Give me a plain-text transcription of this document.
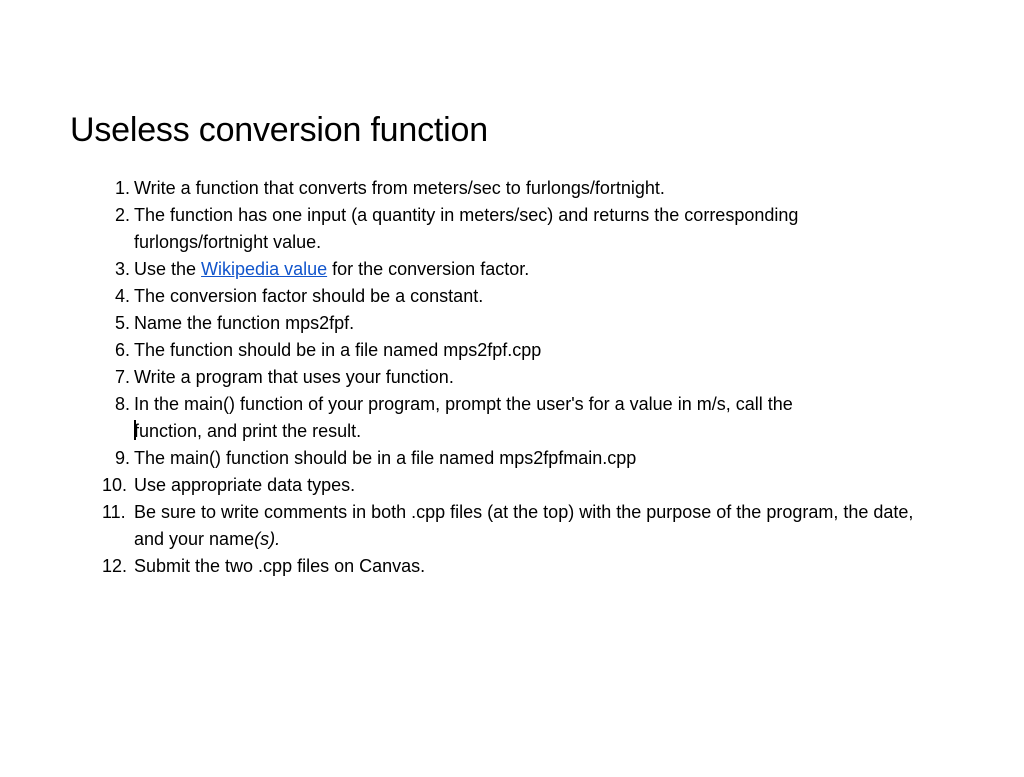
Useless conversion function
1. Write a function that converts from meters/sec to furlongs/fortnight.
2. The function has one input (a quantity in meters/sec) and returns the corresponding furlongs/fortnight value.
3. Use the Wikipedia value for the conversion factor.
4. The conversion factor should be a constant.
5. Name the function mps2fpf.
6. The function should be in a file named mps2fpf.cpp
7. Write a program that uses your function.
8. In the main() function of your program, prompt the user's for a value in m/s, call the
function, and print the result.
9. The main() function should be in a file named mps2fpfmain.cpp
10. Use appropriate data types.
11. Be sure to write comments in both .cpp files (at the top) with the purpose of the program, the date, and your name(s).
12. Submit the two .cpp files on Canvas.
